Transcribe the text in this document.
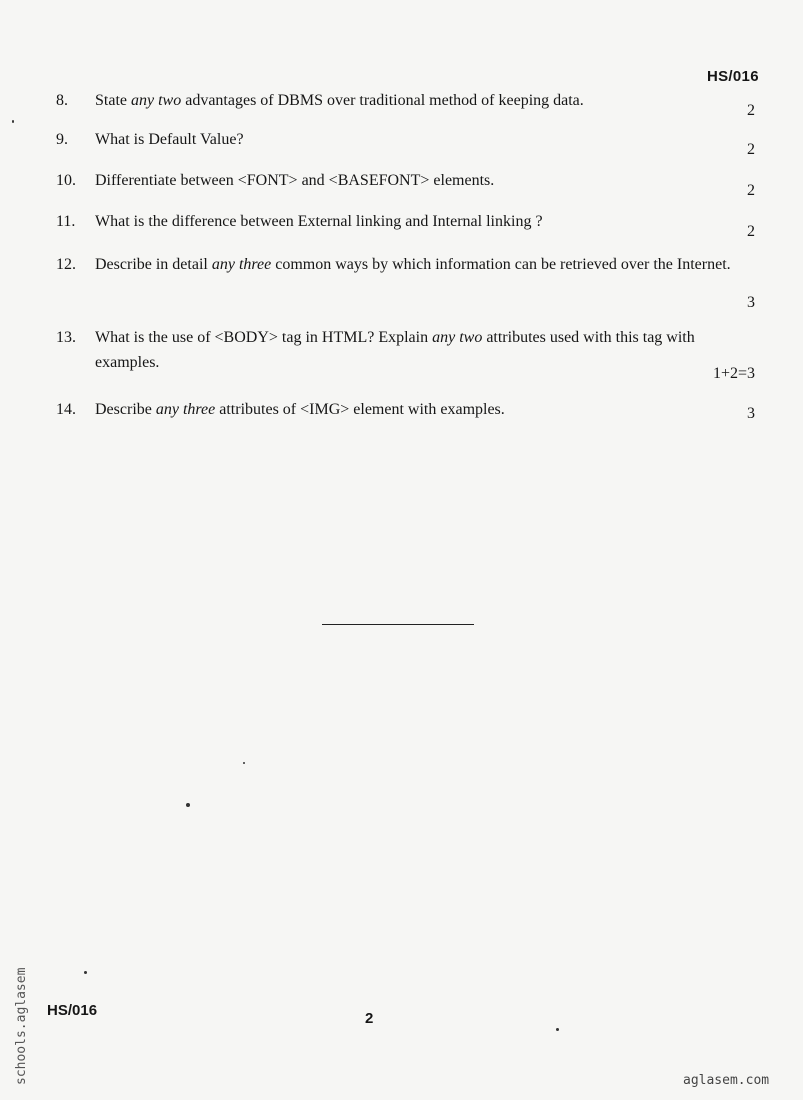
HS/016
8. State any two advantages of DBMS over traditional method of keeping data.
2
9. What is Default Value?
2
10. Differentiate between <FONT> and <BASEFONT> elements.
2
11. What is the difference between External linking and Internal linking ?
2
12. Describe in detail any three common ways by which information can be retrieved over the Internet.
3
13. What is the use of <BODY> tag in HTML? Explain any two attributes used with this tag with examples.
1+2=3
14. Describe any three attributes of <IMG> element with examples.	3
HS/016	2
schools.aglasem	aglasem.com
